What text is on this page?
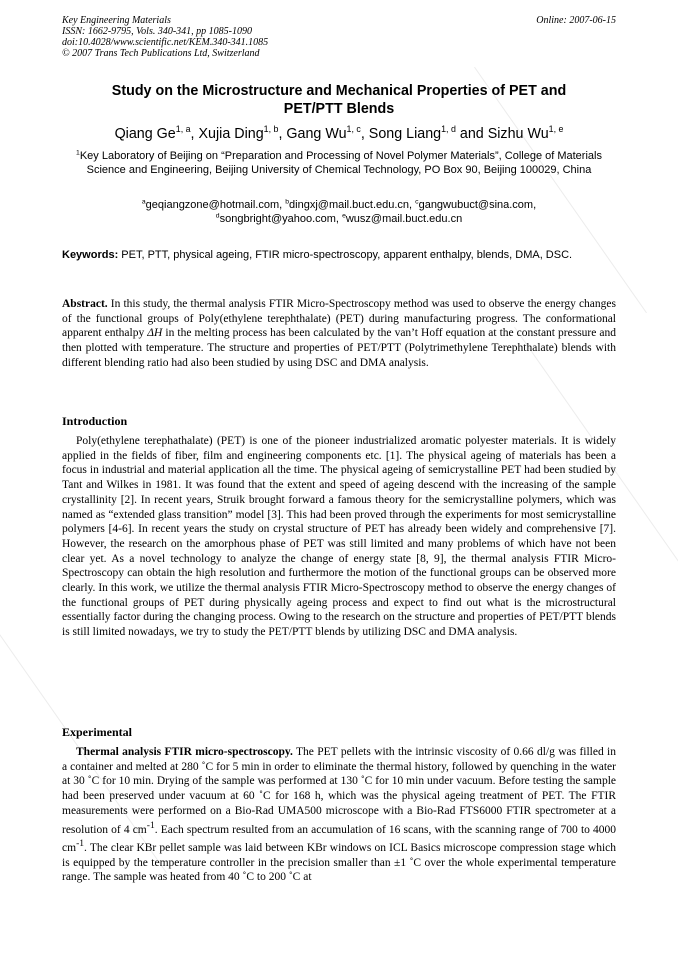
Key Engineering Materials
ISSN: 1662-9795, Vols. 340-341, pp 1085-1090
doi:10.4028/www.scientific.net/KEM.340-341.1085
© 2007 Trans Tech Publications Ltd, Switzerland
Online: 2007-06-15
Study on the Microstructure and Mechanical Properties of PET and
PET/PTT Blends
Qiang Ge$^{1, a}$, Xujia Ding$^{1, b}$, Gang Wu$^{1, c}$, Song Liang$^{1, d}$ and Sizhu Wu$^{1, e}$
$^1$Key Laboratory of Beijing on “Preparation and Processing of Novel Polymer Materials”, College of Materials Science and Engineering, Beijing University of Chemical Technology, PO Box 90, Beijing 100029, China
$^a$geqiangzone@hotmail.com, $^b$dingxj@mail.buct.edu.cn, $^c$gangwubuct@sina.com,
$^d$songbright@yahoo.com, $^e$wusz@mail.buct.edu.cn
Keywords: PET, PTT, physical ageing, FTIR micro-spectroscopy, apparent enthalpy, blends, DMA, DSC.
Abstract. In this study, the thermal analysis FTIR Micro-Spectroscopy method was used to observe the energy changes of the functional groups of Poly(ethylene terephthalate) (PET) during manufacturing progress. The conformational apparent enthalpy ΔH in the melting process has been calculated by the van’t Hoff equation at the constant pressure and then plotted with temperature. The structure and properties of PET/PTT (Polytrimethylene Terephthalate) blends with different blending ratio had also been studied by using DSC and DMA analysis.
Introduction
Poly(ethylene terephathalate) (PET) is one of the pioneer industrialized aromatic polyester materials. It is widely applied in the fields of fiber, film and engineering components etc. [1]. The physical ageing of materials has been a focus in industrial and material application all the time. The physical ageing of semicrystalline PET had been studied by Tant and Wilkes in 1981. It was found that the extent and speed of ageing descend with the increasing of the sample crystallinity [2]. In recent years, Struik brought forward a famous theory for the semicrystalline polymers, which was named as “extended glass transition” model [3]. This had been proved through the experiments for most semicrystalline polymers [4-6]. In recent years the study on crystal structure of PET has already been widely and comprehensive [7]. However, the research on the amorphous phase of PET was still limited and many problems of which have not been clear yet. As a novel technology to analyze the change of energy state [8, 9], the thermal analysis FTIR Micro-Spectroscopy can obtain the high resolution and furthermore the motion of the functional groups can be observed more clearly. In this work, we utilize the thermal analysis FTIR Micro-Spectroscopy method to observe the energy changes of the functional groups of PET during physically ageing process and expect to find out what is the microstructural essentially factor during the changing process. Owing to the research on the structure and properties of PET/PTT blends is still limited nowadays, we try to study the PET/PTT blends by utilizing DSC and DMA analysis.
Experimental
Thermal analysis FTIR micro-spectroscopy. The PET pellets with the intrinsic viscosity of 0.66 dl/g was filled in a container and melted at 280 ˚C for 5 min in order to eliminate the thermal history, followed by quenching in the water at 30 ˚C for 10 min. Drying of the sample was performed at 130 ˚C for 10 min under vacuum. Before testing the sample had been preserved under vacuum at 60 ˚C for 168 h, which was the physical ageing treatment of PET. The FTIR measurements were performed on a Bio-Rad UMA500 microscope with a Bio-Rad FTS6000 FTIR spectrometer at a resolution of 4 $cm^{-1}$. Each spectrum resulted from an accumulation of 16 scans, with the scanning range of 700 to 4000 $cm^{-1}$. The clear KBr pellet sample was laid between KBr windows on ICL Basics microscope compression stage which is equipped by the temperature controller in the precision smaller than ±1 ˚C over the whole experimental temperature range. The sample was heated from 40 ˚C to 200 ˚C at
